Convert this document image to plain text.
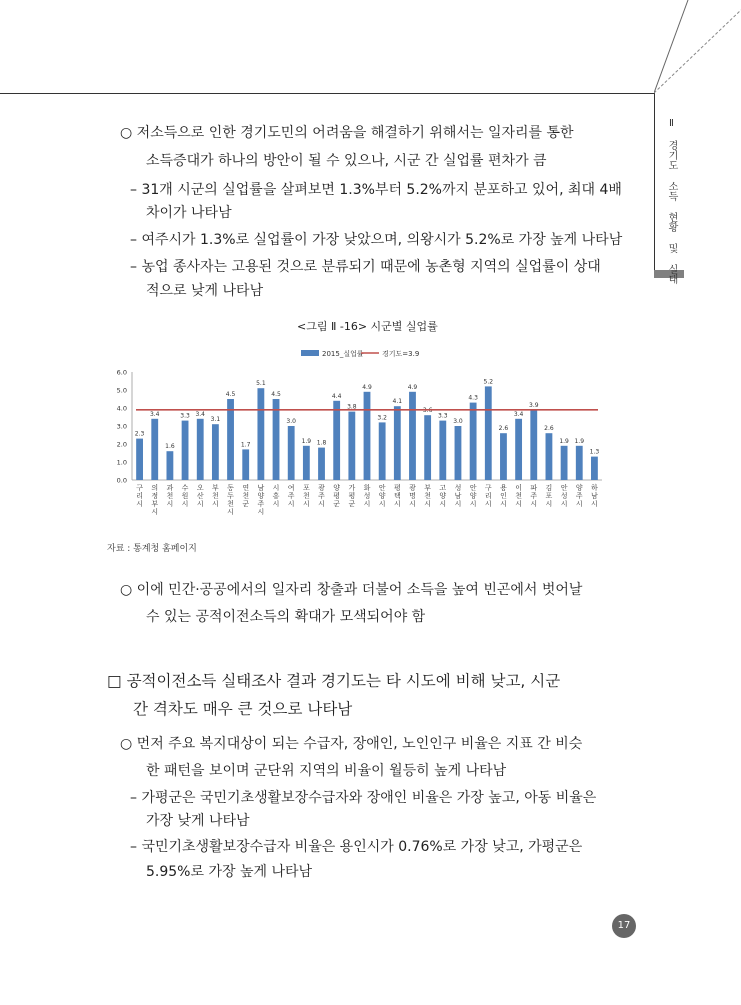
Ⅱ 경기도 소득 현황 및 실태
○ 저소득으로 인한 경기도민의 어려움을 해결하기 위해서는 일자리를 통한
소득증대가 하나의 방안이 될 수 있으나, 시군 간 실업률 편차가 큼
– 31개 시군의 실업률을 살펴보면 1.3%부터 5.2%까지 분포하고 있어, 최대 4배
차이가 나타남
– 여주시가 1.3%로 실업률이 가장 낮았으며, 의왕시가 5.2%로 가장 높게 나타남
– 농업 종사자는 고용된 것으로 분류되기 때문에 농촌형 지역의 실업률이 상대
적으로 낮게 나타남
<그림 Ⅱ -16> 시군별 실업률
2015_실업률	경기도=3.9
0.0
1.0
2.0
3.0
4.0
5.0
6.0
2.3
구 리 시
3.4
의 정 부 시
1.6
과 천 시
3.3
수 원 시
3.4
오 산 시
3.1
부 천 시
4.5
동 두 천 시
1.7
연 천 군
5.1
남 양 주 시
4.5
시 흥 시
3.0
여 주 시
1.9
포 천 시
1.8
광 주 시
4.4
양 평 군
3.8
가 평 군
4.9
화 성 시
3.2
안 양 시
4.1
평 택 시
4.9
광 명 시
3.6
부 천 시
3.3
고 양 시
3.0
성 남 시
4.3
안 양 시
5.2
구 리 시
2.6
용 인 시
3.4
이 천 시
3.9
파 주 시
2.6
김 포 시
1.9
안 성 시
1.9
양 주 시
1.3
하 남 시
자료 : 통계청 홈페이지
○ 이에 민간·공공에서의 일자리 창출과 더불어 소득을 높여 빈곤에서 벗어날
수 있는 공적이전소득의 확대가 모색되어야 함
□ 공적이전소득 실태조사 결과 경기도는 타 시도에 비해 낮고, 시군
간 격차도 매우 큰 것으로 나타남
○ 먼저 주요 복지대상이 되는 수급자, 장애인, 노인인구 비율은 지표 간 비슷
한 패턴을 보이며 군단위 지역의 비율이 월등히 높게 나타남
– 가평군은 국민기초생활보장수급자와 장애인 비율은 가장 높고, 아동 비율은
가장 낮게 나타남
– 국민기초생활보장수급자 비율은 용인시가 0.76%로 가장 낮고, 가평군은
5.95%로 가장 높게 나타남
17
